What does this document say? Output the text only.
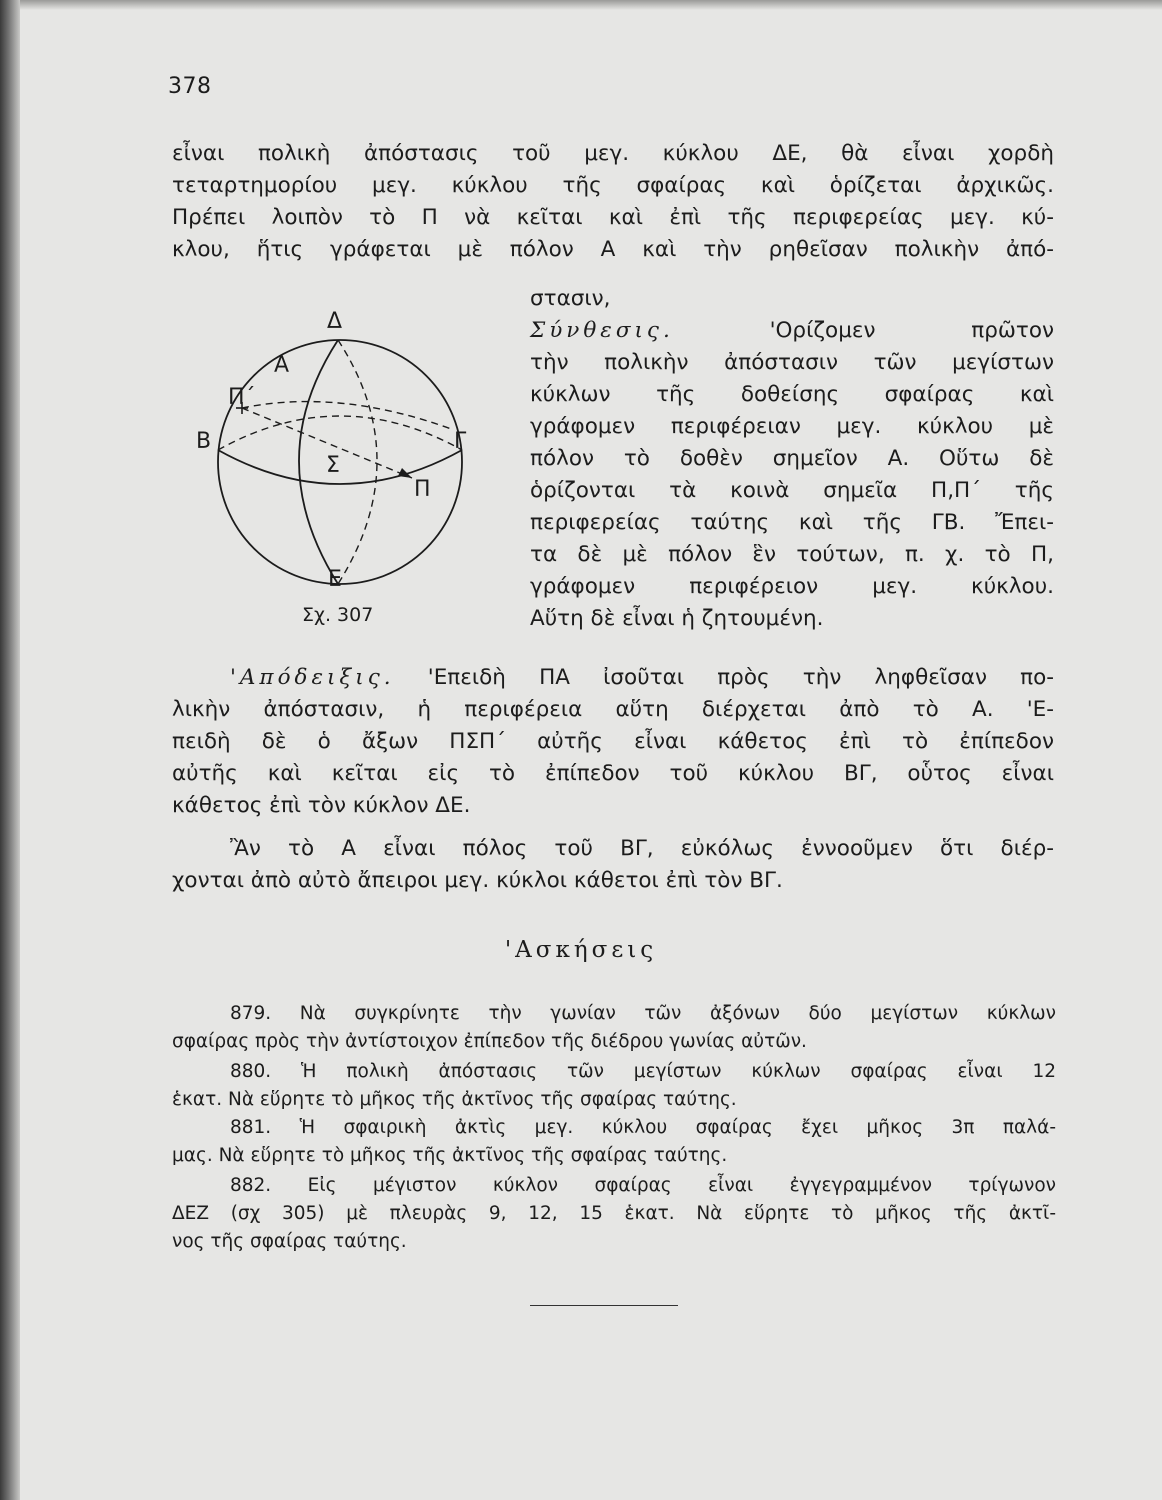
378
εἶναι πολικὴ ἀπόστασις τοῦ μεγ. κύκλου ΔΕ, θὰ εἶναι χορδὴ
τεταρτημορίου μεγ. κύκλου τῆς σφαίρας καὶ ὁρίζεται ἀρχικῶς.
Πρέπει λοιπὸν τὸ Π νὰ κεῖται καὶ ἐπὶ τῆς περιφερείας μεγ. κύ-
κλου, ἥτις γράφεται μὲ πόλον Α καὶ τὴν ρηθεῖσαν πολικὴν ἀπό-
στασιν,
Σύνθεσις.	'Ορίζομεν πρῶτον
τὴν πολικὴν ἀπόστασιν τῶν μεγίστων
κύκλων τῆς δοθείσης σφαίρας καὶ
γράφομεν περιφέρειαν μεγ. κύκλου μὲ
πόλον τὸ δοθὲν σημεῖον Α. Οὕτω δὲ
ὁρίζονται τὰ κοινὰ σημεῖα Π,Π΄ τῆς
περιφερείας ταύτης καὶ τῆς ΓΒ. Ἔπει-
τα δὲ μὲ πόλον ἓν τούτων, π. χ. τὸ Π,
γράφομεν περιφέρειον μεγ. κύκλου.
Αὕτη δὲ εἶναι ἡ ζητουμένη.
Δ
Α
Π΄
Β	Γ
Σ
Π
Ε
Σχ. 307
'Απόδειξις. 'Επειδὴ ΠΑ ἰσοῦται πρὸς τὴν ληφθεῖσαν πο-
λικὴν ἀπόστασιν, ἡ περιφέρεια αὕτη διέρχεται ἀπὸ τὸ Α. 'Ε-
πειδὴ δὲ ὁ ἄξων ΠΣΠ΄ αὐτῆς εἶναι κάθετος ἐπὶ τὸ ἐπίπεδον
αὐτῆς καὶ κεῖται εἰς τὸ ἐπίπεδον τοῦ κύκλου ΒΓ, οὗτος εἶναι
κάθετος ἐπὶ τὸν κύκλον ΔΕ.
Ἂν τὸ Α εἶναι πόλος τοῦ ΒΓ, εὐκόλως ἐννοοῦμεν ὅτι διέρ-
χονται ἀπὸ αὐτὸ ἄπειροι μεγ. κύκλοι κάθετοι ἐπὶ τὸν ΒΓ.
'Ασκήσεις
879. Νὰ συγκρίνητε τὴν γωνίαν τῶν ἀξόνων δύο μεγίστων κύκλων
σφαίρας πρὸς τὴν ἀντίστοιχον ἐπίπεδον τῆς διέδρου γωνίας αὐτῶν.
880. Ἡ πολικὴ ἀπόστασις τῶν μεγίστων κύκλων σφαίρας εἶναι 12
ἑκατ. Νὰ εὕρητε τὸ μῆκος τῆς ἀκτῖνος τῆς σφαίρας ταύτης.
881. Ἡ σφαιρικὴ ἀκτὶς μεγ. κύκλου σφαίρας ἔχει μῆκος 3π παλά-
μας. Νὰ εὕρητε τὸ μῆκος τῆς ἀκτῖνος τῆς σφαίρας ταύτης.
882. Εἰς μέγιστον κύκλον σφαίρας εἶναι ἐγγεγραμμένον τρίγωνον
ΔΕΖ (σχ 305) μὲ πλευρὰς 9, 12, 15 ἑκατ. Νὰ εὕρητε τὸ μῆκος τῆς ἀκτῖ-
νος τῆς σφαίρας ταύτης.
